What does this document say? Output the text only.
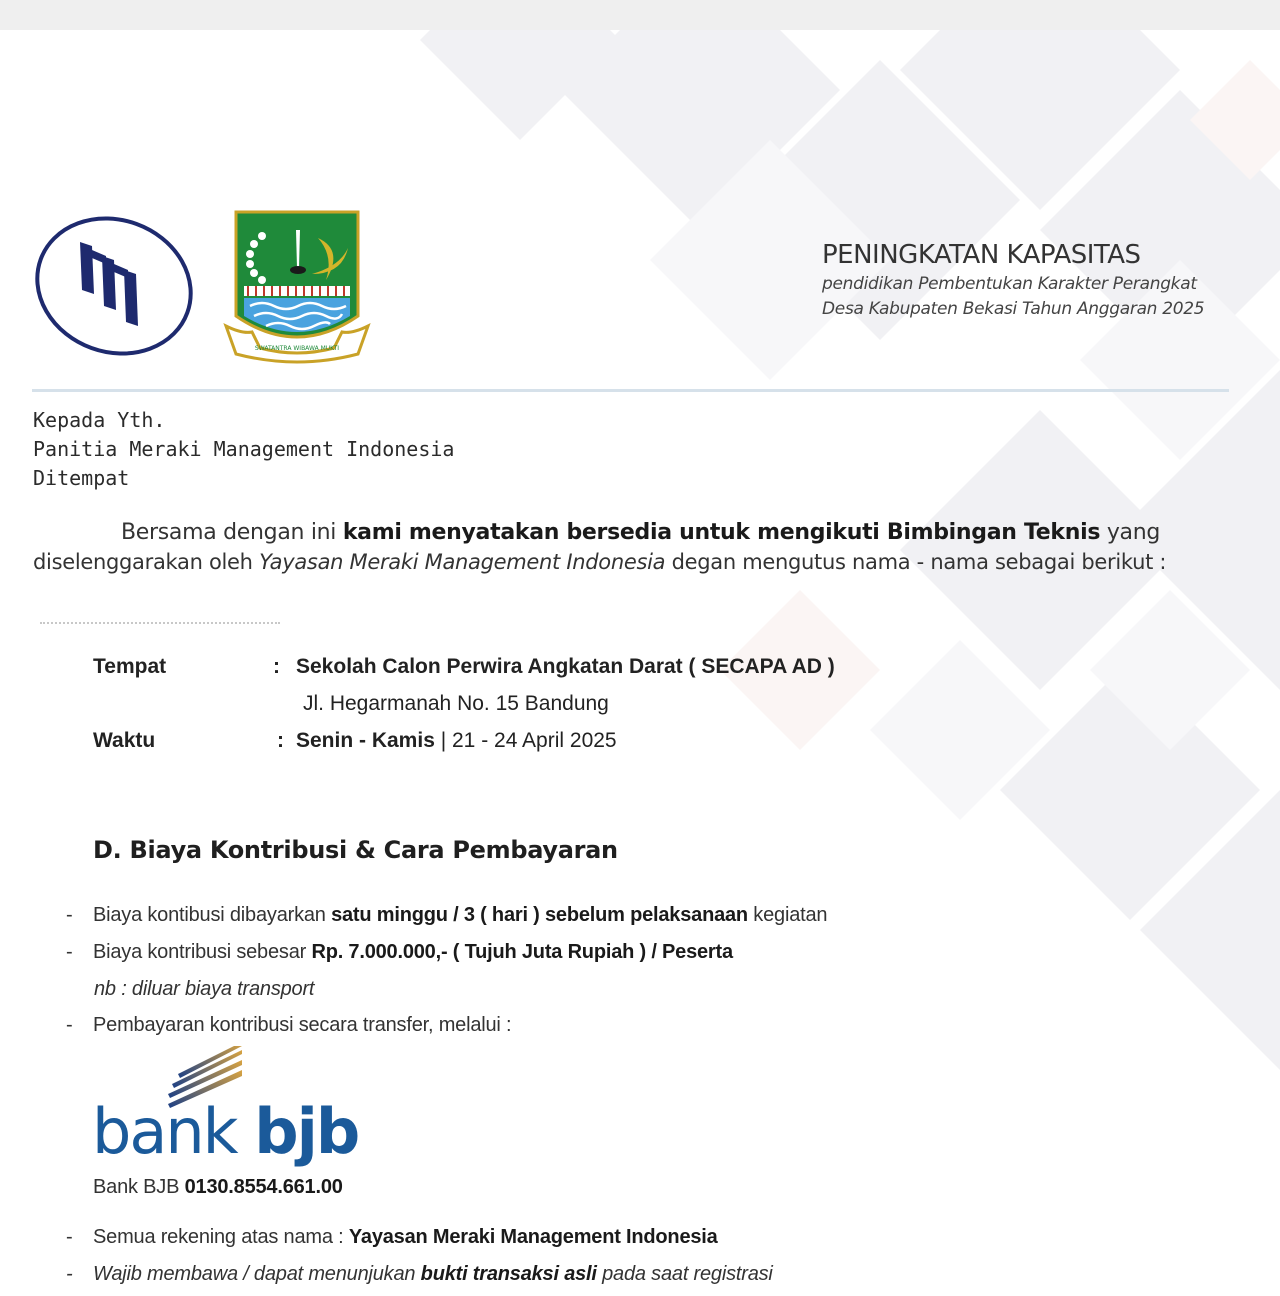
SWATANTRA WIBAWA MUKTI
PENINGKATAN KAPASITAS
pendidikan Pembentukan Karakter Perangkat
Desa Kabupaten Bekasi Tahun Anggaran 2025
Kepada Yth.
Panitia Meraki Management Indonesia
Ditempat
Bersama dengan ini kami menyatakan bersedia untuk mengikuti Bimbingan Teknis yang
diselenggarakan oleh Yayasan Meraki Management Indonesia degan mengutus nama - nama sebagai berikut :
Tempat	: Sekolah Calon Perwira Angkatan Darat ( SECAPA AD )
Jl. Hegarmanah No. 15 Bandung
Waktu	: Senin - Kamis | 21 - 24 April 2025
D. Biaya Kontribusi & Cara Pembayaran
- Biaya kontibusi dibayarkan satu minggu / 3 ( hari ) sebelum pelaksanaan kegiatan
- Biaya kontribusi sebesar Rp. 7.000.000,- ( Tujuh Juta Rupiah ) / Peserta
nb : diluar biaya transport
- Pembayaran kontribusi secara transfer, melalui :
bank bjb
Bank BJB 0130.8554.661.00
- Semua rekening atas nama : Yayasan Meraki Management Indonesia
- Wajib membawa / dapat menunjukan bukti transaksi asli pada saat registrasi
